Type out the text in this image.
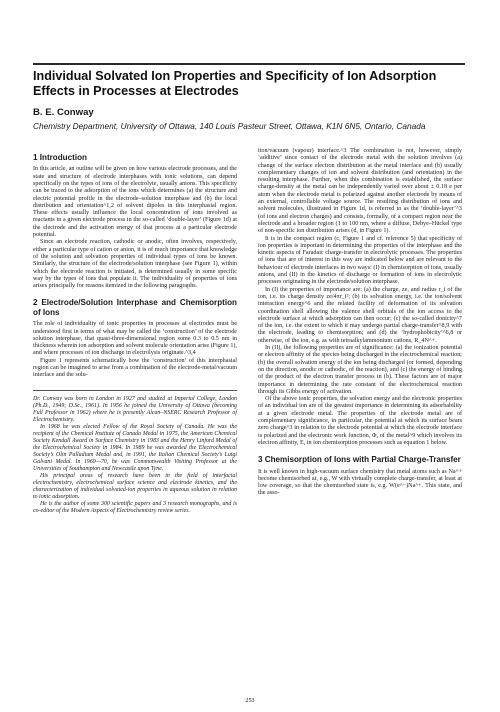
Individual Solvated Ion Properties and Specificity of Ion Adsorption Effects in Processes at Electrodes
B. E. Conway
Chemistry Department, University of Ottawa, 140 Louis Pasteur Street, Ottawa, K1N 6N5, Ontario, Canada
1 Introduction

In this article, an outline will be given on how various electrode processes, and the state and structure of electrode interphases with ionic solutions, can depend specifically on the types of ions of the electrolyte, usually anions. This specificity can be traced to the adsorption of the ions which determines (a) the structure and electric potential profile in the electrode–solution interphase and (b) the local distribution and orientation^1,2 of solvent dipoles in this interphasial region. These effects usually influence the local concentration of ions involved as reactants in a given electrode process in the so-called ‘double-layer’ (Figure 1d) at the electrode and the activation energy of that process at a particular electrode potential.

Since an electrode reaction, cathodic or anodic, often involves, respectively, either a particular type of cation or anion, it is of much importance that knowledge of the solution and solvation properties of individual types of ions be known. Similarly, the structure of the electrode/solution interphase (see Figure 1), within which the electrode reaction is initiated, is determined usually in some specific way by the types of ions that populate it. The individuality of properties of ions arises principally for reasons itemized in the following paragraphs.

2 Electrode/Solution Interphase and Chemisorption of Ions

The role of individuality of ionic properties in processes at electrodes must be understood first in terms of what may be called the ‘construction’ of the electrode solution interphase, that quasi-three-dimensional region some 0.3 to 0.5 nm in thickness wherein ion adsorption and solvent molecule orientation arise (Figure 1), and where processes of ion discharge in electrolysis originate.^3,4

Figure 1 represents schematically how the ‘construction’ of this interphasial region can be imagined to arise from a combination of the electrode-metal/vacuum interface and the solu-

Dr. Conway was born in London in 1927 and studied at Imperial College, London (Ph.D., 1949; D.Sc., 1961). In 1956 he joined the University of Ottawa (becoming Full Professor in 1962) where he is presently Alcan–NSERC Research Professor of Electrochemistry.

In 1968 he was elected Fellow of the Royal Society of Canada. He was the recipient of the Chemical Institute of Canada Medal in 1975, the American Chemical Society Kendall Award in Surface Chemistry in 1983 and the Henry Linford Medal of the Electrochemical Society in 1984. In 1989 he was awarded the Electrochemical Society’s Olin Palladium Medal and, in 1991, the Italian Chemical Society’s Luigi Galvani Medal. In 1969—70, he was Commonwealth Visiting Professor at the Universities of Southampton and Newcastle upon Tyne.

His principal areas of research have been in the field of interfacial electrochemistry, electrochemical surface science and electrode kinetics, and the characterization of individual solvated-ion properties in aqueous solution in relation to ionic adsorption.

He is the author of some 300 scientific papers and 3 research monographs, and is co-editor of the Modern Aspects of Electrochemistry review series.

tion/vacuum (vapour) interface.^3 The combination is not, however, simply ‘additive’ since contact of the electrode metal with the solution involves (a) change of the surface electron distribution at the metal interface and (b) usually complementary changes of ion and solvent distribution (and orientation) in the resulting interphase. Further, when this combination is established, the surface charge-density at the metal can be independently varied over about ± 0.18 e per atom when the electrode metal is polarized against another electrode by means of an external, controllable voltage source. The resulting distribution of ions and solvent molecules, illustrated in Figure 1d, is referred to as the ‘double-layer’^3 (of ions and electron charges) and consists, formally, of a compact region near the electrode and a broader region (1 to 100 nm, where a diffuse, Debye–Hückel type of non-specific ion distribution arises (d, in Figure 1).

It is in the compact region (c, Figure 1 and cf. reference 5) that specificity of ion properties is important in determining the properties of the interphase and the kinetic aspects of Faradaic charge-transfer in electrolytic processes. The properties of ions that are of interest in this way are indicated below and are relevant to the behaviour of electrode interfaces in two ways: (I) in chemisorption of ions, usually anions, and (II) in the kinetics of discharge or formation of ions in electrolytic processes originating in the electrode/solution interphase.

In (I) the properties of importance are: (a) the charge, ze, and radius r_i of the ion, i.e. its charge density ze/4πr_i²; (b) its solvation energy, i.e. the ion/solvent interaction energy^6 and the related facility of deformation of its solvation coordination shell allowing the valence shell orbitals of the ion access to the electrode surface at which adsorption can then occur; (c) the so-called donicity^7 of the ion, i.e. the extent to which it may undergo partial charge-transfer^8,9 with the electrode, leading to chemisorption; and (d) the ‘hydrophobicity’^6,8 or otherwise, of the ion, e.g. as with tetraalkylammonium cations, R_4N^+.

In (II), the following properties are of significance: (a) the ionization potential or electron affinity of the species being discharged in the electrochemical reaction; (b) the overall solvation energy of the ion being discharged (or formed, depending on the direction, anodic or cathodic, of the reaction), and (c) the energy of binding of the product of the electron transfer process in (b). These factors are of major importance in determining the rate constant of the electrochemical reaction through its Gibbs energy of activation.

Of the above ionic properties, the solvation energy and the electronic properties of an individual ion are of the greatest importance in determining its adsorbability at a given electrode metal. The properties of the electrode metal are of complementary significance, in particular, the potential at which its surface bears zero charge^3 in relation to the electrode potential at which the electrode interface is polarized and the electronic work function, Φ, of the metal^9 which involves its electron affinity, E, in ion chemisorption processes such as equation 1 below.

3 Chemisorption of Ions with Partial Charge-Transfer

It is well known in high-vacuum surface chemistry that metal atoms such as Na^+ become chemisorbed at, e.g., W with virtually complete charge-transfer, at least at low coverage, so that the chemisorbed state is, e.g. W(e^−)Na^+. This state, and the asso-

253
